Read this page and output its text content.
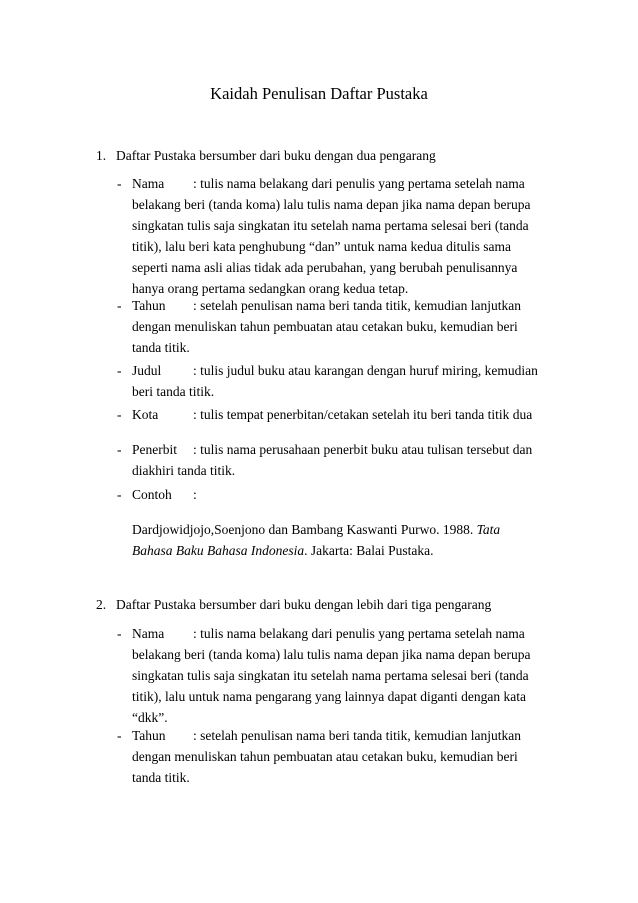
Kaidah Penulisan Daftar Pustaka
1. Daftar Pustaka bersumber dari buku dengan dua pengarang
- Nama : tulis nama belakang dari penulis yang pertama setelah nama
belakang beri (tanda koma) lalu tulis nama depan jika nama depan berupa
singkatan tulis saja singkatan itu setelah nama pertama selesai beri (tanda
titik), lalu beri kata penghubung “dan” untuk nama kedua ditulis sama
seperti nama asli alias tidak ada perubahan, yang berubah penulisannya
hanya orang pertama sedangkan orang kedua tetap.
- Tahun : setelah penulisan nama beri tanda titik, kemudian lanjutkan
dengan menuliskan tahun pembuatan atau cetakan buku, kemudian beri
tanda titik.
- Judul : tulis judul buku atau karangan dengan huruf miring, kemudian
beri tanda titik.
- Kota	: tulis tempat penerbitan/cetakan setelah itu beri tanda titik dua
- Penerbit : tulis nama perusahaan penerbit buku atau tulisan tersebut dan
diakhiri tanda titik.
- Contoh :
Dardjowidjojo,Soenjono dan Bambang Kaswanti Purwo. 1988. Tata
Bahasa Baku Bahasa Indonesia. Jakarta: Balai Pustaka.
2. Daftar Pustaka bersumber dari buku dengan lebih dari tiga pengarang
- Nama : tulis nama belakang dari penulis yang pertama setelah nama
belakang beri (tanda koma) lalu tulis nama depan jika nama depan berupa
singkatan tulis saja singkatan itu setelah nama pertama selesai beri (tanda
titik), lalu untuk nama pengarang yang lainnya dapat diganti dengan kata
“dkk”.
- Tahun : setelah penulisan nama beri tanda titik, kemudian lanjutkan
dengan menuliskan tahun pembuatan atau cetakan buku, kemudian beri
tanda titik.
